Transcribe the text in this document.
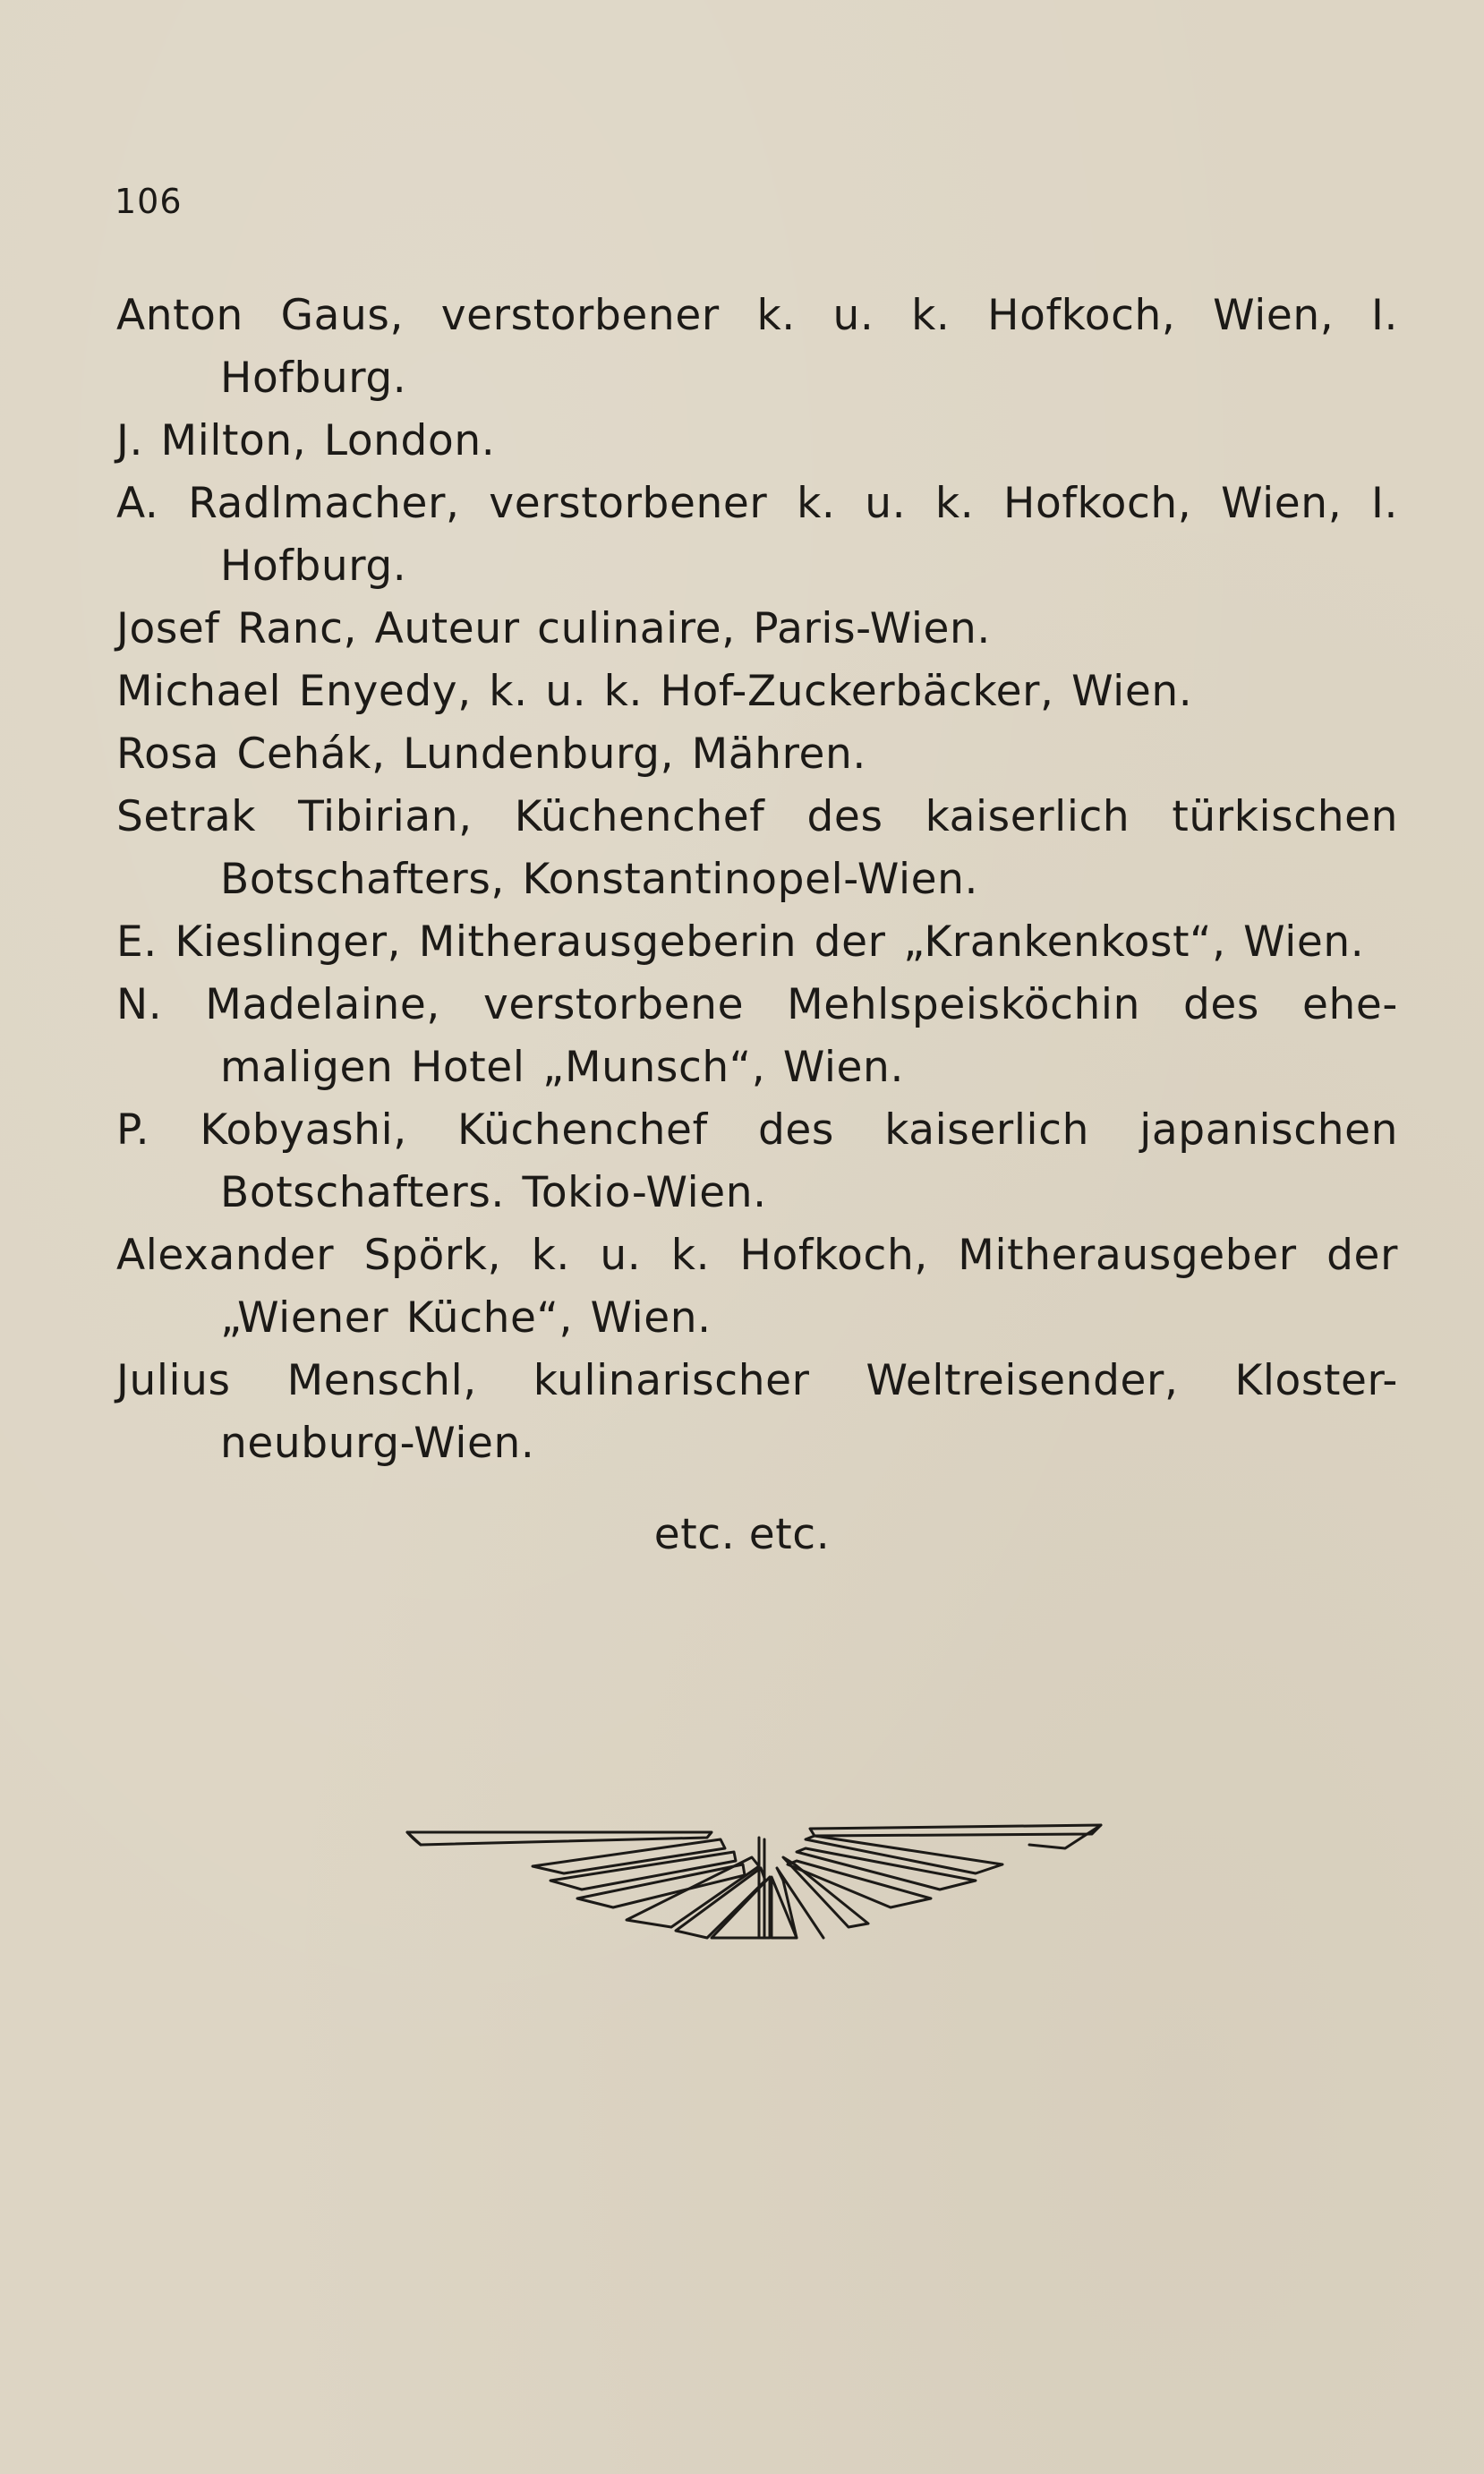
106
Anton Gaus, verstorbener k. u. k. Hofkoch, Wien, I. Hofburg.
J. Milton, London.
A. Radlmacher, verstorbener k. u. k. Hofkoch, Wien, I. Hofburg.
Josef Ranc, Auteur culinaire, Paris-Wien.
Michael Enyedy, k. u. k. Hof-Zuckerbäcker, Wien.
Rosa Cehák, Lundenburg, Mähren.
Setrak Tibirian, Küchenchef des kaiserlich türkischen Botschafters, Konstantinopel-Wien.
E. Kieslinger, Mitherausgeberin der „Krankenkost“, Wien.
N. Madelaine, verstorbene Mehlspeisköchin des ehe-maligen Hotel „Munsch“, Wien.
P. Kobyashi, Küchenchef des kaiserlich japanischen Botschafters. Tokio-Wien.
Alexander Spörk, k. u. k. Hofkoch, Mitherausgeber der „Wiener Küche“, Wien.
Julius Menschl, kulinarischer Weltreisender, Kloster-neuburg-Wien.
etc. etc.
